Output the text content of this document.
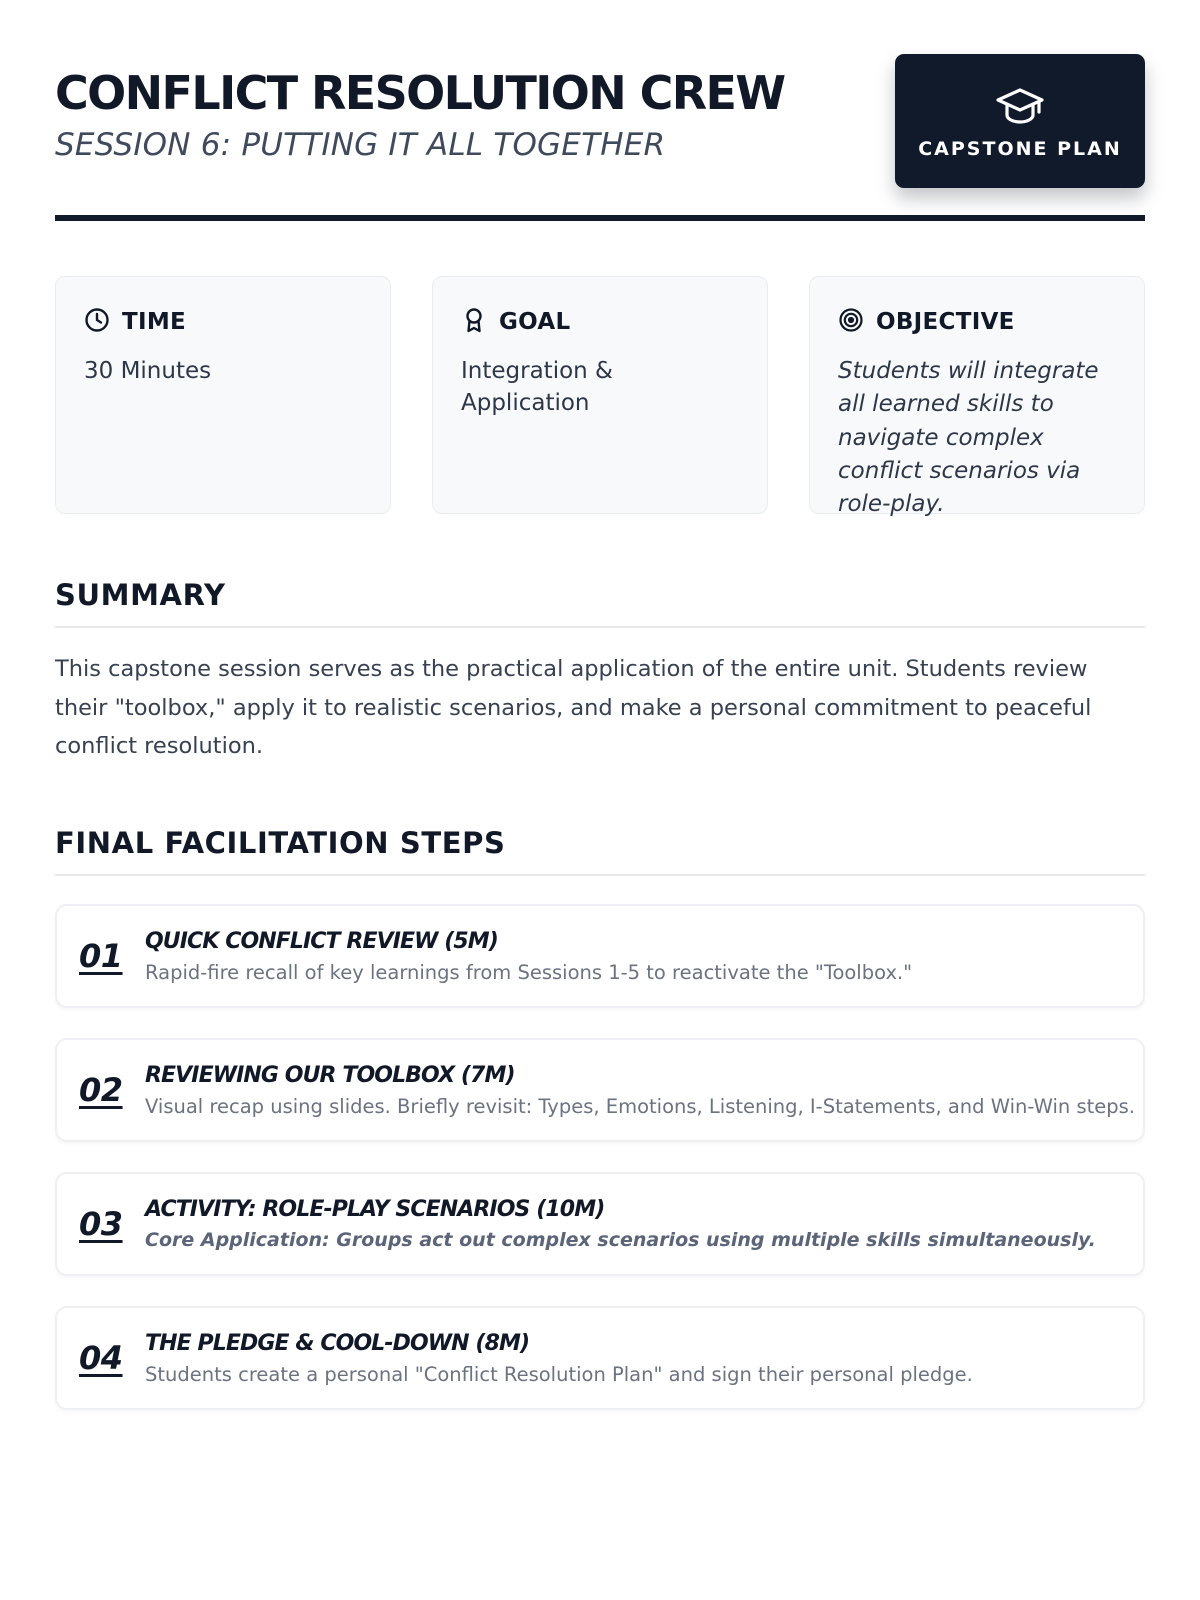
CONFLICT RESOLUTION CREW
SESSION 6: PUTTING IT ALL TOGETHER	CAPSTONE PLAN
TIME
30 Minutes
GOAL
Integration & Application
OBJECTIVE
Students will integrate all learned skills to navigate complex conflict scenarios via role-play.
SUMMARY

This capstone session serves as the practical application of the entire unit. Students review their "toolbox," apply it to realistic scenarios, and make a personal commitment to peaceful conflict resolution.

FINAL FACILITATION STEPS
01	QUICK CONFLICT REVIEW (5M)
Rapid-fire recall of key learnings from Sessions 1-5 to reactivate the "Toolbox."
02	REVIEWING OUR TOOLBOX (7M)
Visual recap using slides. Briefly revisit: Types, Emotions, Listening, I-Statements, and Win-Win steps.
03	ACTIVITY: ROLE-PLAY SCENARIOS (10M)
Core Application: Groups act out complex scenarios using multiple skills simultaneously.
04	THE PLEDGE & COOL-DOWN (8M)
Students create a personal "Conflict Resolution Plan" and sign their personal pledge.
